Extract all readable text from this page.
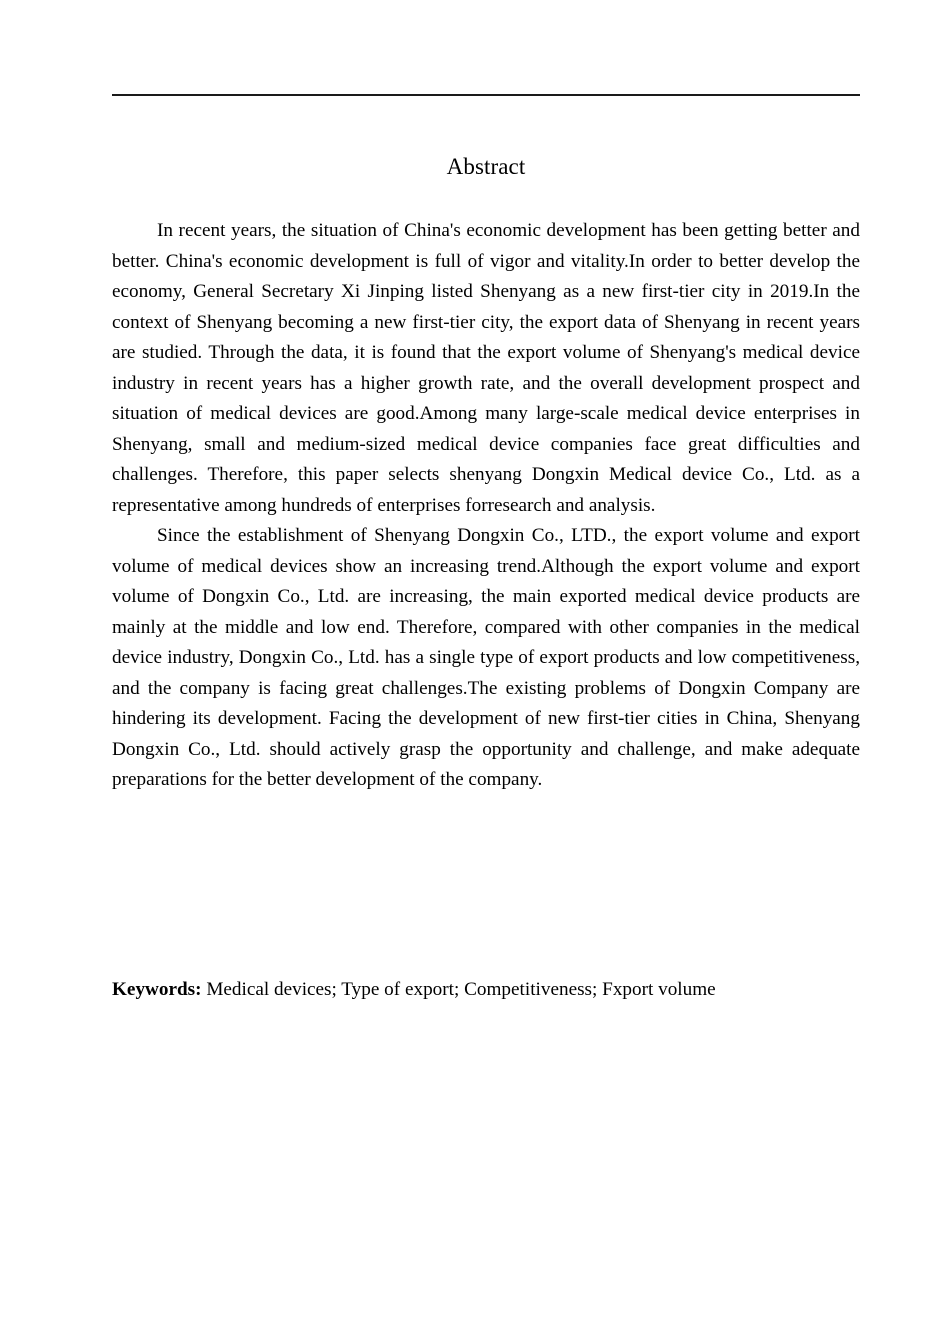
Abstract

In recent years, the situation of China's economic development has been getting better and better. China's economic development is full of vigor and vitality.In order to better develop the economy, General Secretary Xi Jinping listed Shenyang as a new first-tier city in 2019.In the context of Shenyang becoming a new first-tier city, the export data of Shenyang in recent years are studied. Through the data, it is found that the export volume of Shenyang's medical device industry in recent years has a higher growth rate, and the overall development prospect and situation of medical devices are good.Among many large-scale medical device enterprises in Shenyang, small and medium-sized medical device companies face great difficulties and challenges. Therefore, this paper selects shenyang Dongxin Medical device Co., Ltd. as a representative among hundreds of enterprises forresearch and analysis.

Since the establishment of Shenyang Dongxin Co., LTD., the export volume and export volume of medical devices show an increasing trend.Although the export volume and export volume of Dongxin Co., Ltd. are increasing, the main exported medical device products are mainly at the middle and low end. Therefore, compared with other companies in the medical device industry, Dongxin Co., Ltd. has a single type of export products and low competitiveness, and the company is facing great challenges.The existing problems of Dongxin Company are hindering its development. Facing the development of new first-tier cities in China, Shenyang Dongxin Co., Ltd. should actively grasp the opportunity and challenge, and make adequate preparations for the better development of the company.

Keywords: Medical devices; Type of export; Competitiveness; Fxport volume
